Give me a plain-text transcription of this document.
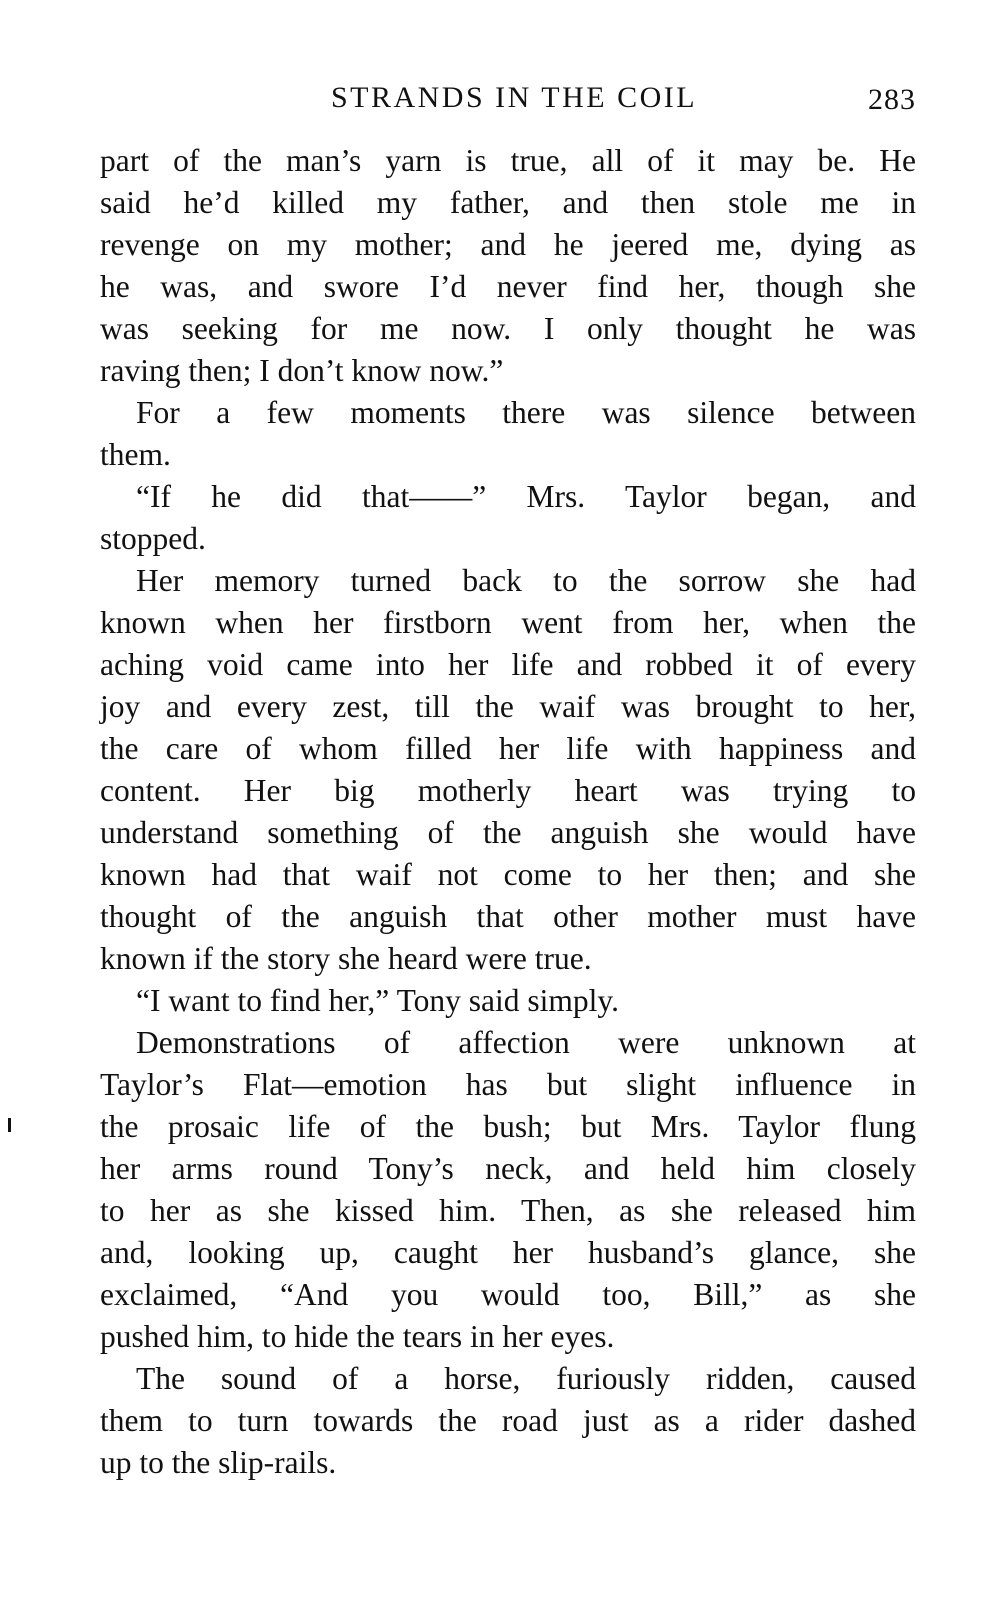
STRANDS IN THE COIL	283
part of the man’s yarn is true, all of it may be. He
said he’d killed my father, and then stole me in
revenge on my mother; and he jeered me, dying as
he was, and swore I’d never find her, though she
was seeking for me now. I only thought he was
raving then; I don’t know now.”
For a few moments there was silence between
them.
“If he did that——” Mrs. Taylor began, and
stopped.
Her memory turned back to the sorrow she had
known when her firstborn went from her, when the
aching void came into her life and robbed it of every
joy and every zest, till the waif was brought to her,
the care of whom filled her life with happiness and
content. Her big motherly heart was trying to
understand something of the anguish she would have
known had that waif not come to her then; and she
thought of the anguish that other mother must have
known if the story she heard were true.
“I want to find her,” Tony said simply.
Demonstrations of affection were unknown at
Taylor’s Flat—emotion has but slight influence in
the prosaic life of the bush; but Mrs. Taylor flung
her arms round Tony’s neck, and held him closely
to her as she kissed him. Then, as she released him
and, looking up, caught her husband’s glance, she
exclaimed, “And you would too, Bill,” as she
pushed him, to hide the tears in her eyes.
The sound of a horse, furiously ridden, caused
them to turn towards the road just as a rider dashed
up to the slip-rails.
